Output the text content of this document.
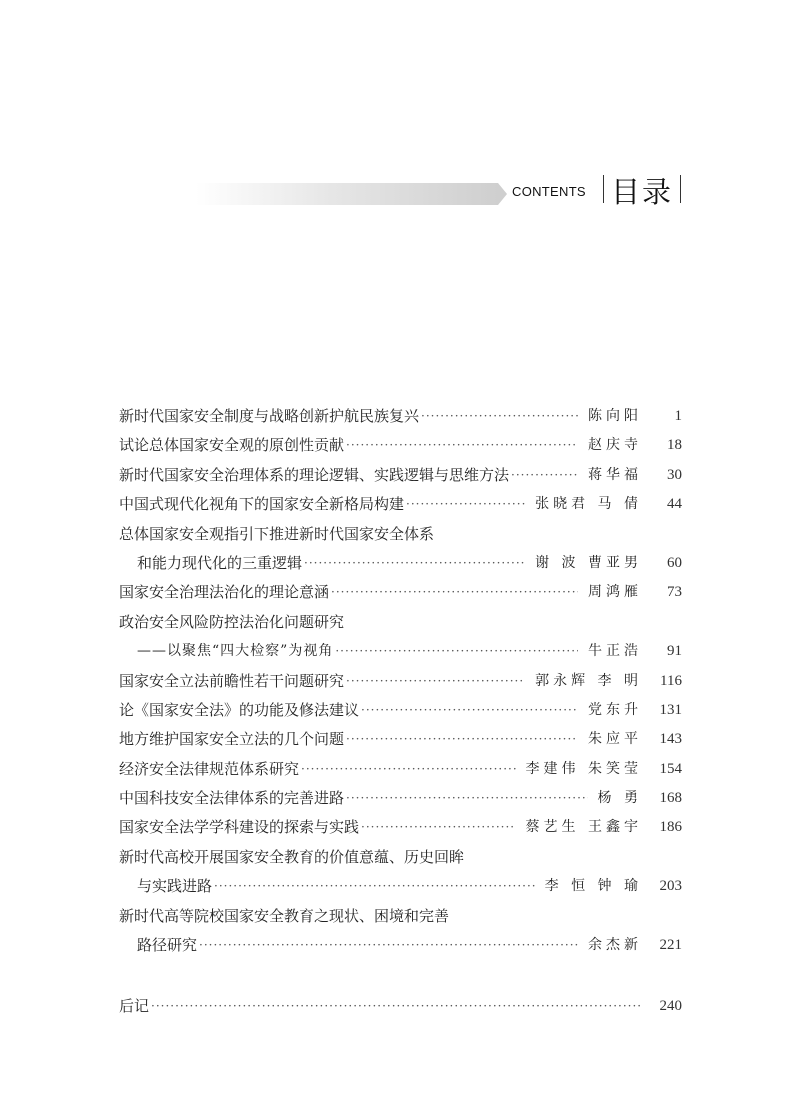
CONTENTS 目录
新时代国家安全制度与战略创新护航民族复兴 ·····	陈向阳	1
试论总体国家安全观的原创性贡献 ·····	赵庆寺	18
新时代国家安全治理体系的理论逻辑、实践逻辑与思维方法 ·····	蒋华福	30
中国式现代化视角下的国家安全新格局构建 ·····	张晓君 马 倩	44
总体国家安全观指引下推进新时代国家安全体系
和能力现代化的三重逻辑 ·····	谢 波 曹亚男	60
国家安全治理法治化的理论意涵 ·····	周鸿雁	73
政治安全风险防控法治化问题研究
——以聚焦“四大检察”为视角 ·····	牛正浩	91
国家安全立法前瞻性若干问题研究 ·····	郭永辉 李 明	116
论《国家安全法》的功能及修法建议 ·····	党东升	131
地方维护国家安全立法的几个问题 ·····	朱应平	143
经济安全法律规范体系研究 ·····	李建伟 朱笑莹	154
中国科技安全法律体系的完善进路 ·····	杨 勇	168
国家安全法学学科建设的探索与实践 ·····	蔡艺生 王鑫宇	186
新时代高校开展国家安全教育的价值意蕴、历史回眸
与实践进路 ·····	李 恒 钟 瑜	203
新时代高等院校国家安全教育之现状、困境和完善
路径研究 ·····	余杰新	221
后记 ·····	240
